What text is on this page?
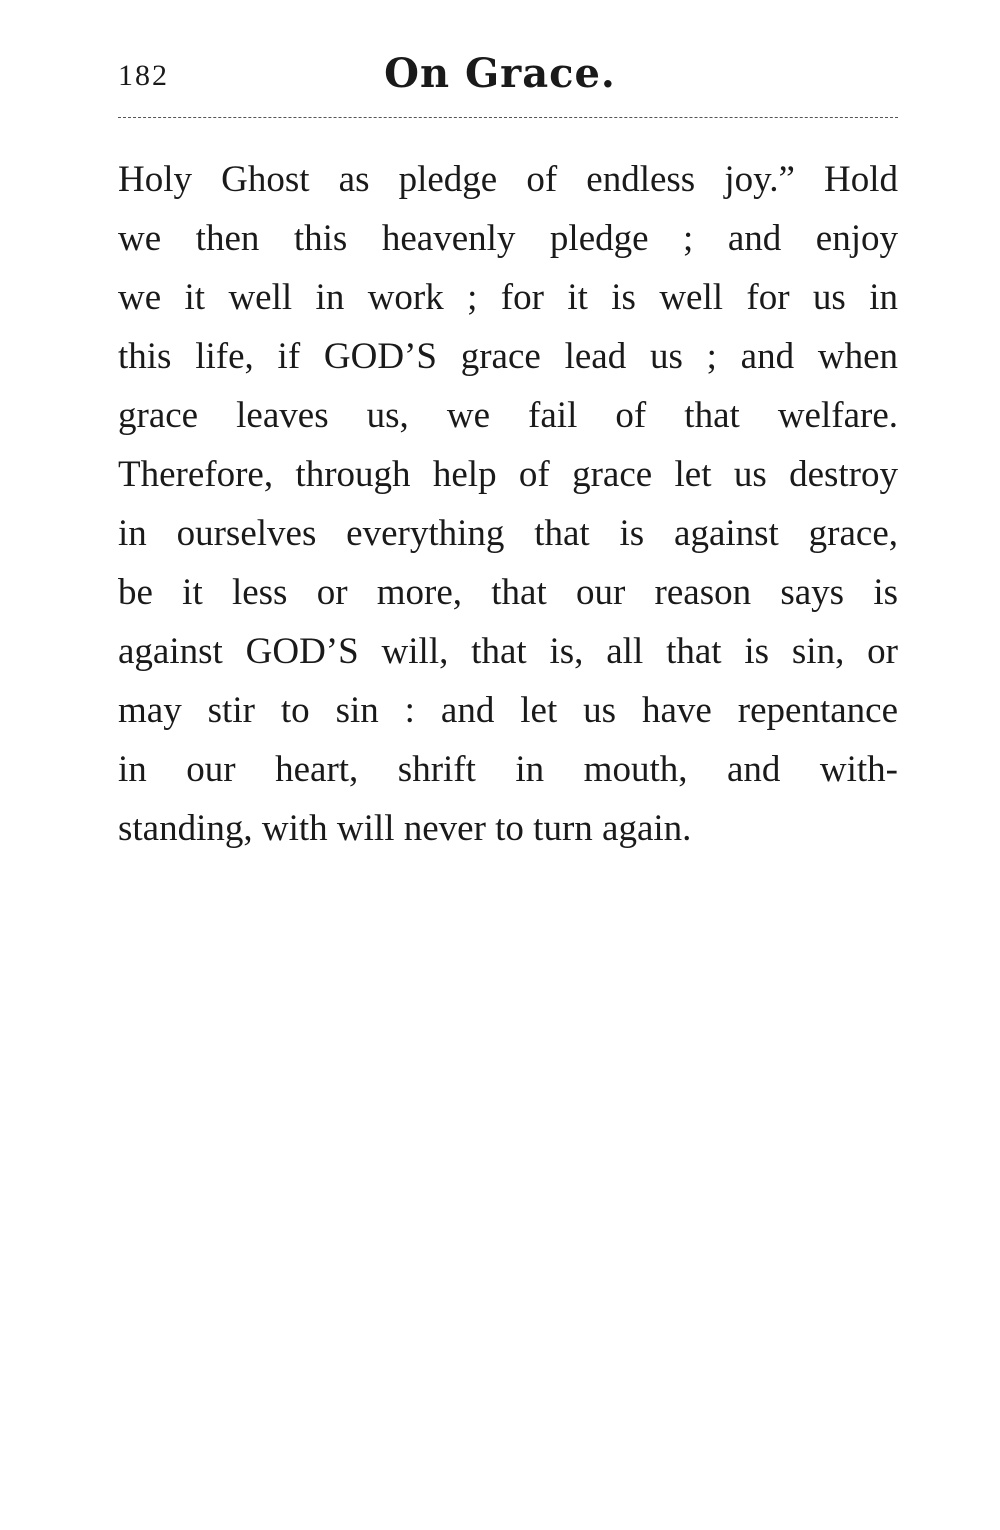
182	On Grace.
Holy Ghost as pledge of endless joy.” Hold
we then this heavenly pledge ; and enjoy
we it well in work ; for it is well for us in
this life, if GOD’S grace lead us ; and when
grace leaves us, we fail of that welfare.
Therefore, through help of grace let us destroy
in ourselves everything that is against grace,
be it less or more, that our reason says is
against GOD’S will, that is, all that is sin, or
may stir to sin : and let us have repentance
in our heart, shrift in mouth, and with-
standing, with will never to turn again.
